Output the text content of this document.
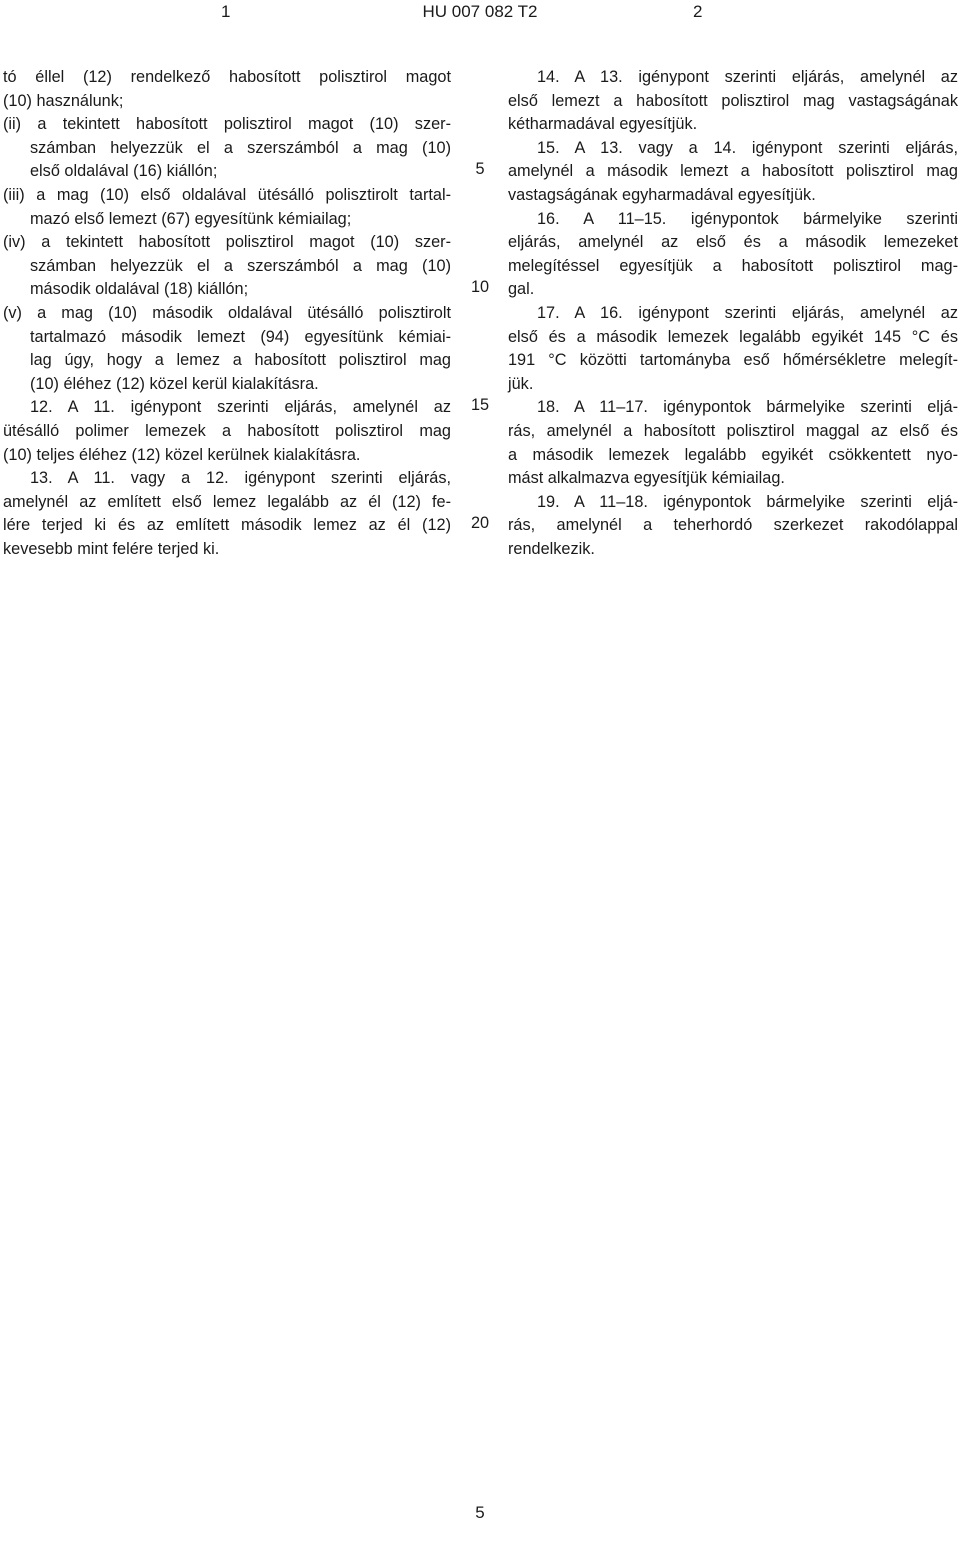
1	HU 007 082 T2	2
tó éllel (12) rendelkező habosított polisztirol magot
(10) használunk;
(ii) a tekintett habosított polisztirol magot (10) szer-
számban helyezzük el a szerszámból a mag (10)
első oldalával (16) kiállón;
(iii) a mag (10) első oldalával ütésálló polisztirolt tartal-
mazó első lemezt (67) egyesítünk kémiailag;
(iv) a tekintett habosított polisztirol magot (10) szer-
számban helyezzük el a szerszámból a mag (10)
második oldalával (18) kiállón;
(v) a mag (10) második oldalával ütésálló polisztirolt
tartalmazó második lemezt (94) egyesítünk kémiai-
lag úgy, hogy a lemez a habosított polisztirol mag
(10) éléhez (12) közel kerül kialakításra.
12. A 11. igénypont szerinti eljárás, amelynél az
ütésálló polimer lemezek a habosított polisztirol mag
(10) teljes éléhez (12) közel kerülnek kialakításra.
13. A 11. vagy a 12. igénypont szerinti eljárás,
amelynél az említett első lemez legalább az él (12) fe-
lére terjed ki és az említett második lemez az él (12)
kevesebb mint felére terjed ki.
14. A 13. igénypont szerinti eljárás, amelynél az
első lemezt a habosított polisztirol mag vastagságának
kétharmadával egyesítjük.
15. A 13. vagy a 14. igénypont szerinti eljárás,
amelynél a második lemezt a habosított polisztirol mag
vastagságának egyharmadával egyesítjük.
16. A 11–15. igénypontok bármelyike szerinti
eljárás, amelynél az első és a második lemezeket
melegítéssel egyesítjük a habosított polisztirol mag-
gal.
17. A 16. igénypont szerinti eljárás, amelynél az
első és a második lemezek legalább egyikét 145 °C és
191 °C közötti tartományba eső hőmérsékletre melegít-
jük.
18. A 11–17. igénypontok bármelyike szerinti eljá-
rás, amelynél a habosított polisztirol maggal az első és
a második lemezek legalább egyikét csökkentett nyo-
mást alkalmazva egyesítjük kémiailag.
19. A 11–18. igénypontok bármelyike szerinti eljá-
rás, amelynél a teherhordó szerkezet rakodólappal
rendelkezik.
5
10
15
20
5
